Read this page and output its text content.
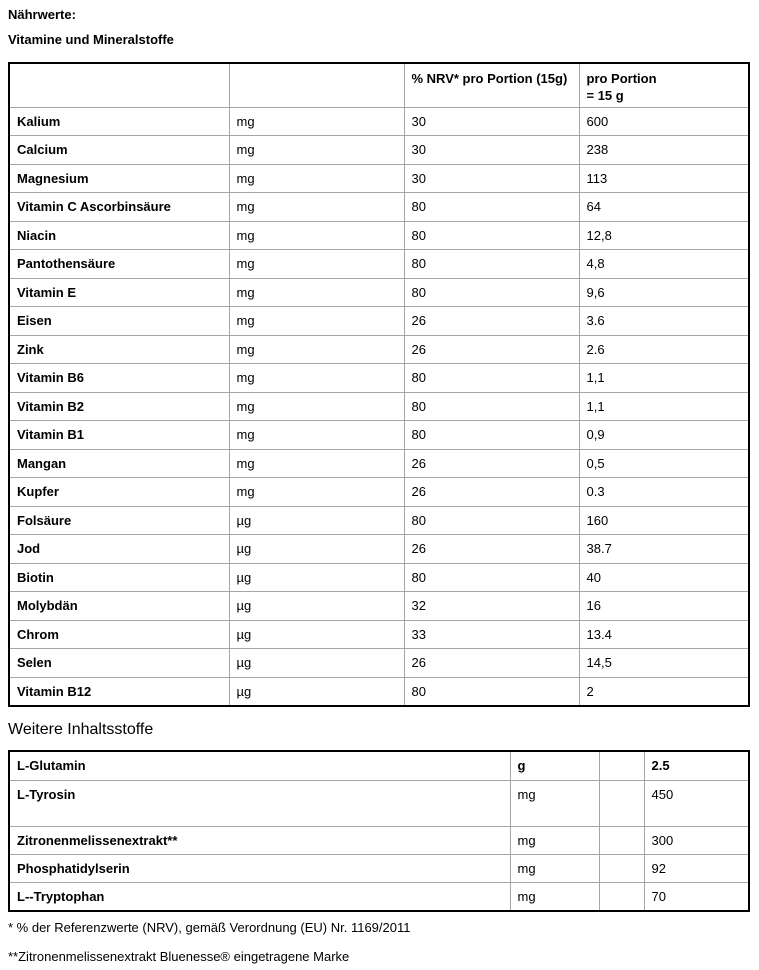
Nährwerte:
Vitamine und Mineralstoffe
		% NRV* pro Portion (15g)	pro Portion
= 15 g

Kalium	mg	30	600
Calcium	mg	30	238
Magnesium	mg	30	113
Vitamin C Ascorbinsäure	mg	80	64
Niacin	mg	80	12,8
Pantothensäure	mg	80	4,8
Vitamin E	mg	80	9,6
Eisen	mg	26	3.6
Zink	mg	26	2.6
Vitamin B6	mg	80	1,1
Vitamin B2	mg	80	1,1
Vitamin B1	mg	80	0,9
Mangan	mg	26	0,5
Kupfer	mg	26	0.3
Folsäure	µg	80	160
Jod	µg	26	38.7
Biotin	µg	80	40
Molybdän	µg	32	16
Chrom	µg	33	13.4
Selen	µg	26	14,5
Vitamin B12	µg	80	2
Weitere Inhaltsstoffe
L-Glutamin	g		2.5
L-Tyrosin	mg		450
Zitronenmelissenextrakt**	mg		300
Phosphatidylserin	mg		92
L--Tryptophan	mg		70
* % der Referenzwerte (NRV), gemäß Verordnung (EU) Nr. 1169/2011
**Zitronenmelissenextrakt Bluenesse® eingetragene Marke
